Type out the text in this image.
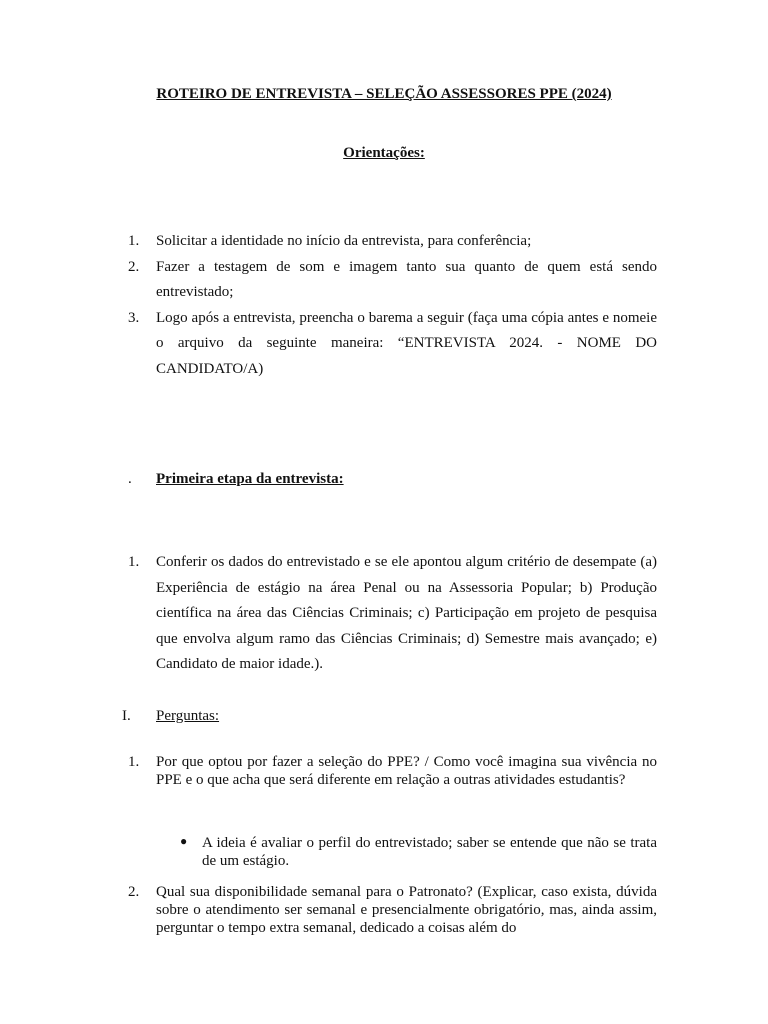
ROTEIRO DE ENTREVISTA – SELEÇÃO ASSESSORES PPE (2024)
Orientações:
1.	Solicitar a identidade no início da entrevista, para conferência;
2.	Fazer a testagem de som e imagem tanto sua quanto de quem está sendo entrevistado;
3.	Logo após a entrevista, preencha o barema a seguir (faça uma cópia antes e nomeie o arquivo da seguinte maneira: “ENTREVISTA 2024. - NOME DO CANDIDATO/A)
.	Primeira etapa da entrevista:
1.	Conferir os dados do entrevistado e se ele apontou algum critério de desempate (a) Experiência de estágio na área Penal ou na Assessoria Popular; b) Produção científica na área das Ciências Criminais; c) Participação em projeto de pesquisa que envolva algum ramo das Ciências Criminais; d) Semestre mais avançado; e) Candidato de maior idade.).
I.	Perguntas:
1.	Por que optou por fazer a seleção do PPE? / Como você imagina sua vivência no PPE e o que acha que será diferente em relação a outras atividades estudantis?
● A ideia é avaliar o perfil do entrevistado; saber se entende que não se trata de um estágio.
2.	Qual sua disponibilidade semanal para o Patronato? (Explicar, caso exista, dúvida sobre o atendimento ser semanal e presencialmente obrigatório, mas, ainda assim, perguntar o tempo extra semanal, dedicado a coisas além do
